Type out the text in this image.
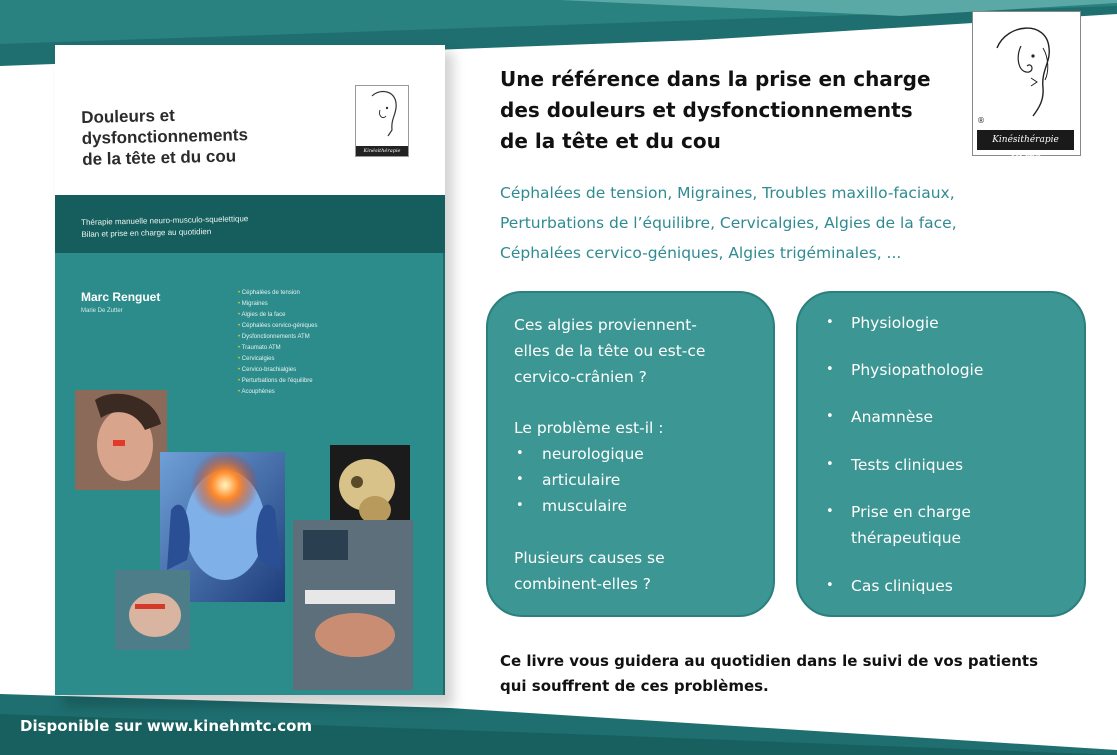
Douleurs et
dysfonctionnements
de la tête et du cou	Kinésithérapie HMTC
Thérapie manuelle neuro-musculo-squelettique
Bilan et prise en charge au quotidien
Marc Renguet
Marie De Zutter
• Céphalées de tension
• Migraines
• Algies de la face
• Céphalées cervico-géniques
• Dysfonctionnements ATM
• Traumato ATM
• Cervicalgies
• Cervico-brachialgies
• Perturbations de l'équilibre
• Acouphènes
Une référence dans la prise en charge
des douleurs et dysfonctionnements
de la tête et du cou
®
Kinésithérapie HMTC
Céphalées de tension, Migraines, Troubles maxillo-faciaux,
Perturbations de l’équilibre, Cervicalgies, Algies de la face,
Céphalées cervico-géniques, Algies trigéminales, ...
Ces algies proviennent-
elles de la tête ou est-ce
cervico-crânien ?
Le problème est-il :
• neurologique
• articulaire
• musculaire
Plusieurs causes se
combinent-elles ?
• Physiologie
• Physiopathologie
• Anamnèse
• Tests cliniques
• Prise en charge
thérapeutique
• Cas cliniques
Ce livre vous guidera au quotidien dans le suivi de vos patients
qui souffrent de ces problèmes.
Disponible sur www.kinehmtc.com
